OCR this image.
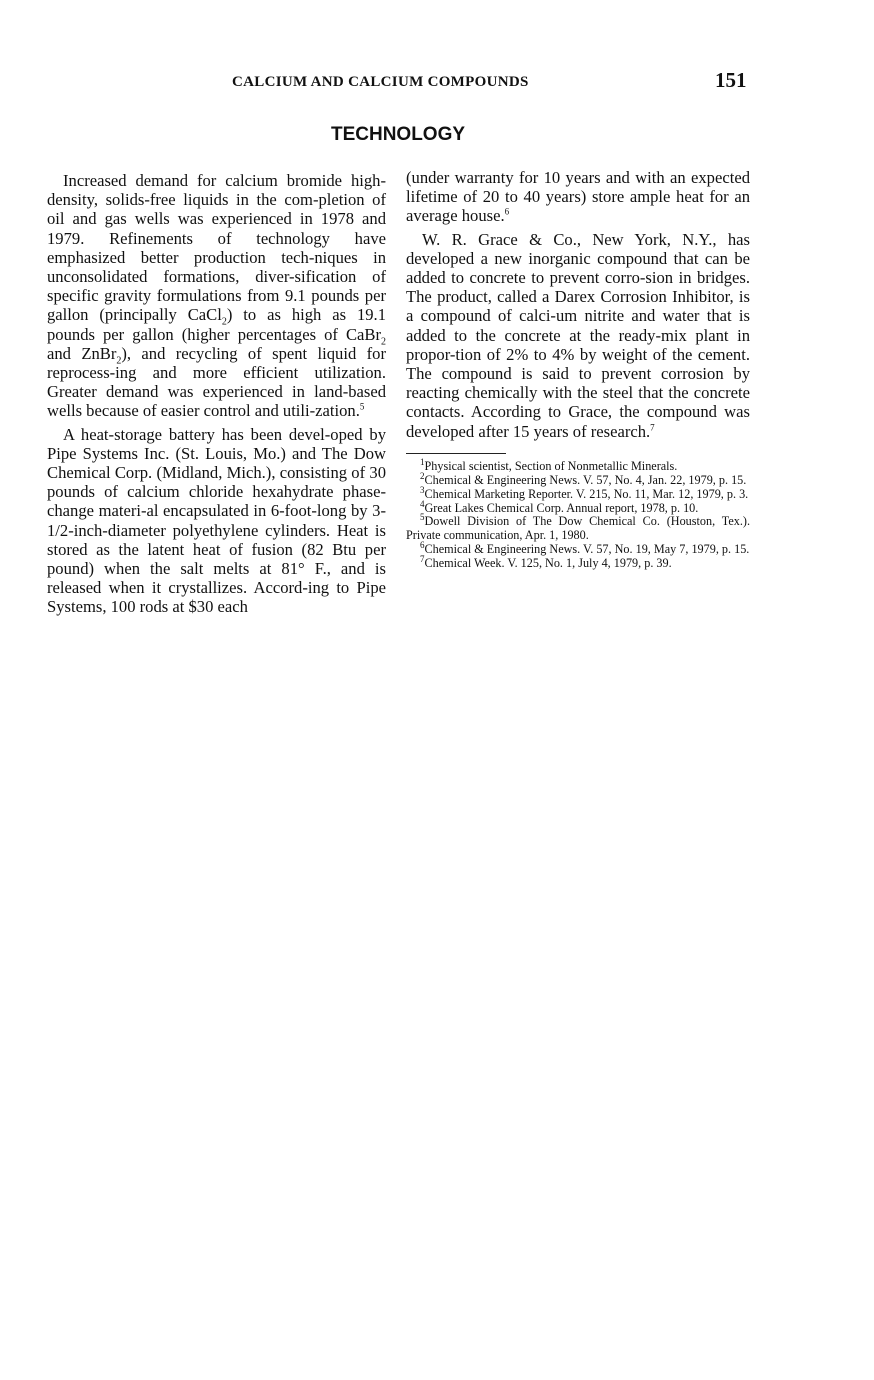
CALCIUM AND CALCIUM COMPOUNDS	151
TECHNOLOGY

Increased demand for calcium bromide high-density, solids-free liquids in the com-pletion of oil and gas wells was experienced in 1978 and 1979. Refinements of technology have emphasized better production tech-niques in unconsolidated formations, diver-sification of specific gravity formulations from 9.1 pounds per gallon (principally CaCl$_2$) to as high as 19.1 pounds per gallon (higher percentages of CaBr$_2$ and ZnBr$_2$), and recycling of spent liquid for reprocess-ing and more efficient utilization. Greater demand was experienced in land-based wells because of easier control and utili-zation.$^5$

A heat-storage battery has been devel-oped by Pipe Systems Inc. (St. Louis, Mo.) and The Dow Chemical Corp. (Midland, Mich.), consisting of 30 pounds of calcium chloride hexahydrate phase-change materi-al encapsulated in 6-foot-long by 3-1/2-inch-diameter polyethylene cylinders. Heat is stored as the latent heat of fusion (82 Btu per pound) when the salt melts at 81° F., and is released when it crystallizes. Accord-ing to Pipe Systems, 100 rods at $30 each

(under warranty for 10 years and with an expected lifetime of 20 to 40 years) store ample heat for an average house.$^6$

W. R. Grace & Co., New York, N.Y., has developed a new inorganic compound that can be added to concrete to prevent corro-sion in bridges. The product, called a Darex Corrosion Inhibitor, is a compound of calci-um nitrite and water that is added to the concrete at the ready-mix plant in propor-tion of 2% to 4% by weight of the cement. The compound is said to prevent corrosion by reacting chemically with the steel that the concrete contacts. According to Grace, the compound was developed after 15 years of research.$^7$

$^1$Physical scientist, Section of Nonmetallic Minerals.
$^2$Chemical & Engineering News. V. 57, No. 4, Jan. 22, 1979, p. 15.
$^3$Chemical Marketing Reporter. V. 215, No. 11, Mar. 12, 1979, p. 3.
$^4$Great Lakes Chemical Corp. Annual report, 1978, p. 10.
$^5$Dowell Division of The Dow Chemical Co. (Houston, Tex.). Private communication, Apr. 1, 1980.
$^6$Chemical & Engineering News. V. 57, No. 19, May 7, 1979, p. 15.
$^7$Chemical Week. V. 125, No. 1, July 4, 1979, p. 39.
